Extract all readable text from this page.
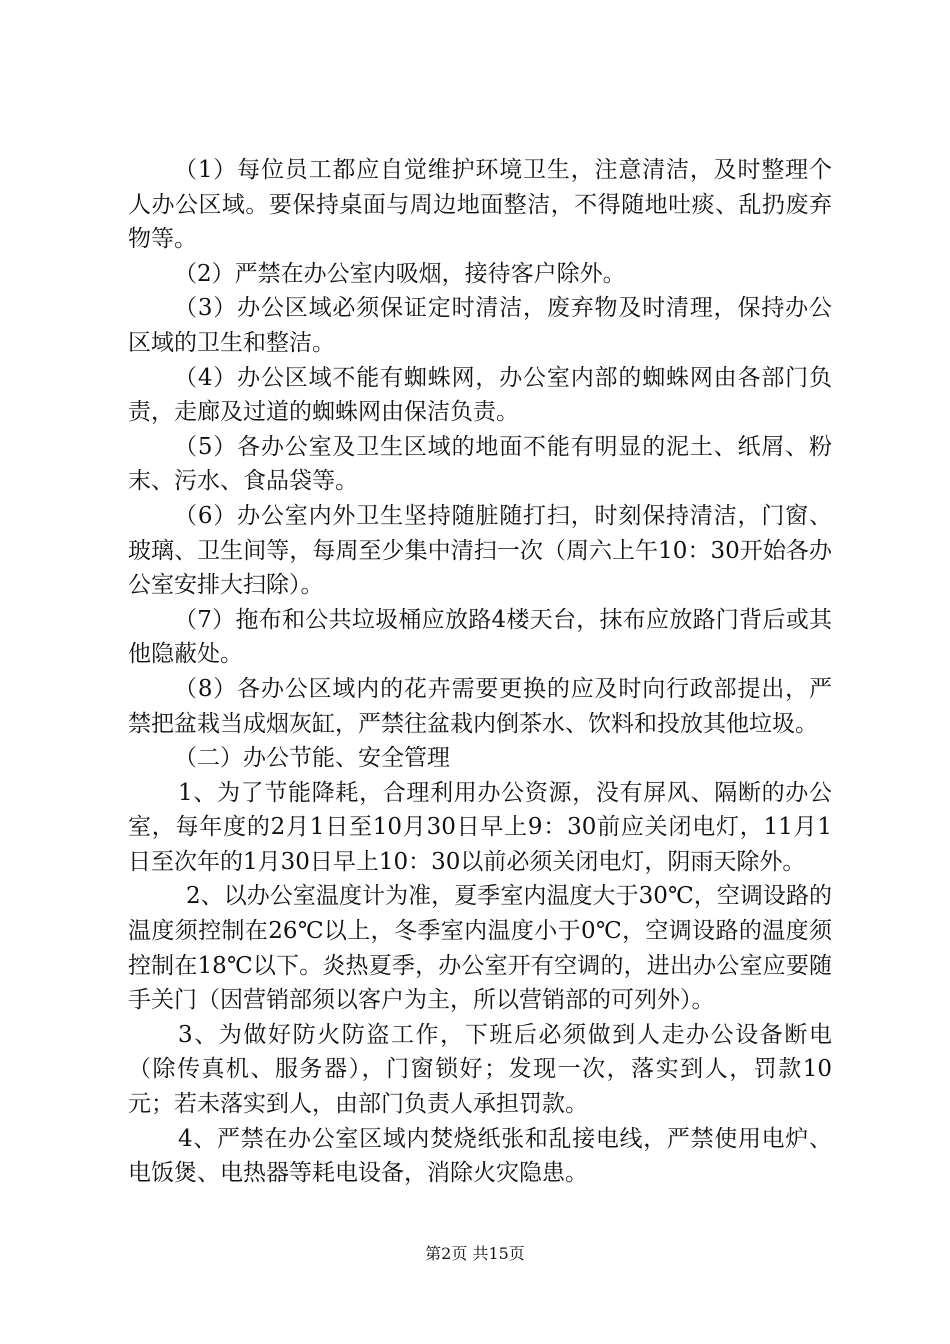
（1）每位员工都应自觉维护环境卫生，注意清洁，及时整理个人办公区域。要保持桌面与周边地面整洁，不得随地吐痰、乱扔废弃物等。

（2）严禁在办公室内吸烟，接待客户除外。

（3）办公区域必须保证定时清洁，废弃物及时清理，保持办公区域的卫生和整洁。

（4）办公区域不能有蜘蛛网，办公室内部的蜘蛛网由各部门负责，走廊及过道的蜘蛛网由保洁负责。

（5）各办公室及卫生区域的地面不能有明显的泥土、纸屑、粉末、污水、食品袋等。

（6）办公室内外卫生坚持随脏随打扫，时刻保持清洁，门窗、玻璃、卫生间等，每周至少集中清扫一次（周六上午10：30开始各办公室安排大扫除）。

（7）拖布和公共垃圾桶应放路4楼天台，抹布应放路门背后或其他隐蔽处。

（8）各办公区域内的花卉需要更换的应及时向行政部提出，严禁把盆栽当成烟灰缸，严禁往盆栽内倒茶水、饮料和投放其他垃圾。

（二）办公节能、安全管理

1、为了节能降耗，合理利用办公资源，没有屏风、隔断的办公室，每年度的2月1日至10月30日早上9：30前应关闭电灯，11月1日至次年的1月30日早上10：30以前必须关闭电灯，阴雨天除外。

2、以办公室温度计为准，夏季室内温度大于30℃，空调设路的温度须控制在26℃以上，冬季室内温度小于0℃，空调设路的温度须控制在18℃以下。炎热夏季，办公室开有空调的，进出办公室应要随手关门（因营销部须以客户为主，所以营销部的可列外）。

3、为做好防火防盗工作，下班后必须做到人走办公设备断电（除传真机、服务器），门窗锁好；发现一次，落实到人，罚款10元；若未落实到人，由部门负责人承担罚款。

4、严禁在办公室区域内焚烧纸张和乱接电线，严禁使用电炉、电饭煲、电热器等耗电设备，消除火灾隐患。

第2页 共15页
